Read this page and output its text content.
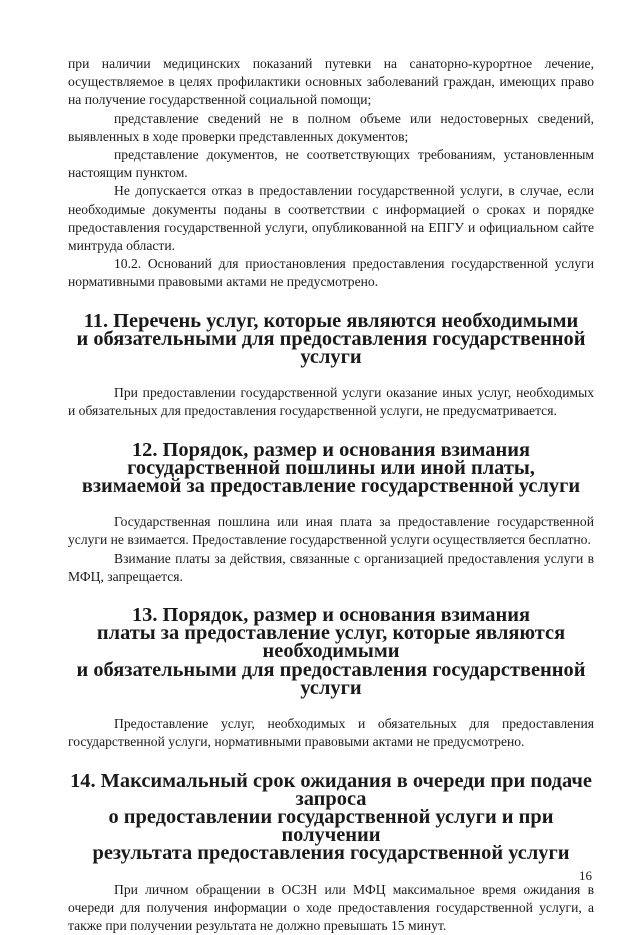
при наличии медицинских показаний путевки на санаторно-курортное лечение, осуществляемое в целях профилактики основных заболеваний граждан, имеющих право на получение государственной социальной помощи;

представление сведений не в полном объеме или недостоверных сведений, выявленных в ходе проверки представленных документов;

представление документов, не соответствующих требованиям, установленным настоящим пунктом.

Не допускается отказ в предоставлении государственной услуги, в случае, если необходимые документы поданы в соответствии с информацией о сроках и порядке предоставления государственной услуги, опубликованной на ЕПГУ и официальном сайте минтруда области.

10.2. Оснований для приостановления предоставления государственной услуги нормативными правовыми актами не предусмотрено.

11. Перечень услуг, которые являются необходимыми
и обязательными для предоставления государственной услуги

При предоставлении государственной услуги оказание иных услуг, необходимых и обязательных для предоставления государственной услуги, не предусматривается.

12. Порядок, размер и основания взимания
государственной пошлины или иной платы,
взимаемой за предоставление государственной услуги

Государственная пошлина или иная плата за предоставление государственной услуги не взимается. Предоставление государственной услуги осуществляется бесплатно.

Взимание платы за действия, связанные с организацией предоставления услуги в МФЦ, запрещается.

13. Порядок, размер и основания взимания
платы за предоставление услуг, которые являются необходимыми
и обязательными для предоставления государственной услуги

Предоставление услуг, необходимых и обязательных для предоставления государственной услуги, нормативными правовыми актами не предусмотрено.

14. Максимальный срок ожидания в очереди при подаче запроса
о предоставлении государственной услуги и при получении
результата предоставления государственной услуги

При личном обращении в ОСЗН или МФЦ максимальное время ожидания в очереди для получения информации о ходе предоставления государственной услуги, а также при получении результата не должно превышать 15 минут.

16
